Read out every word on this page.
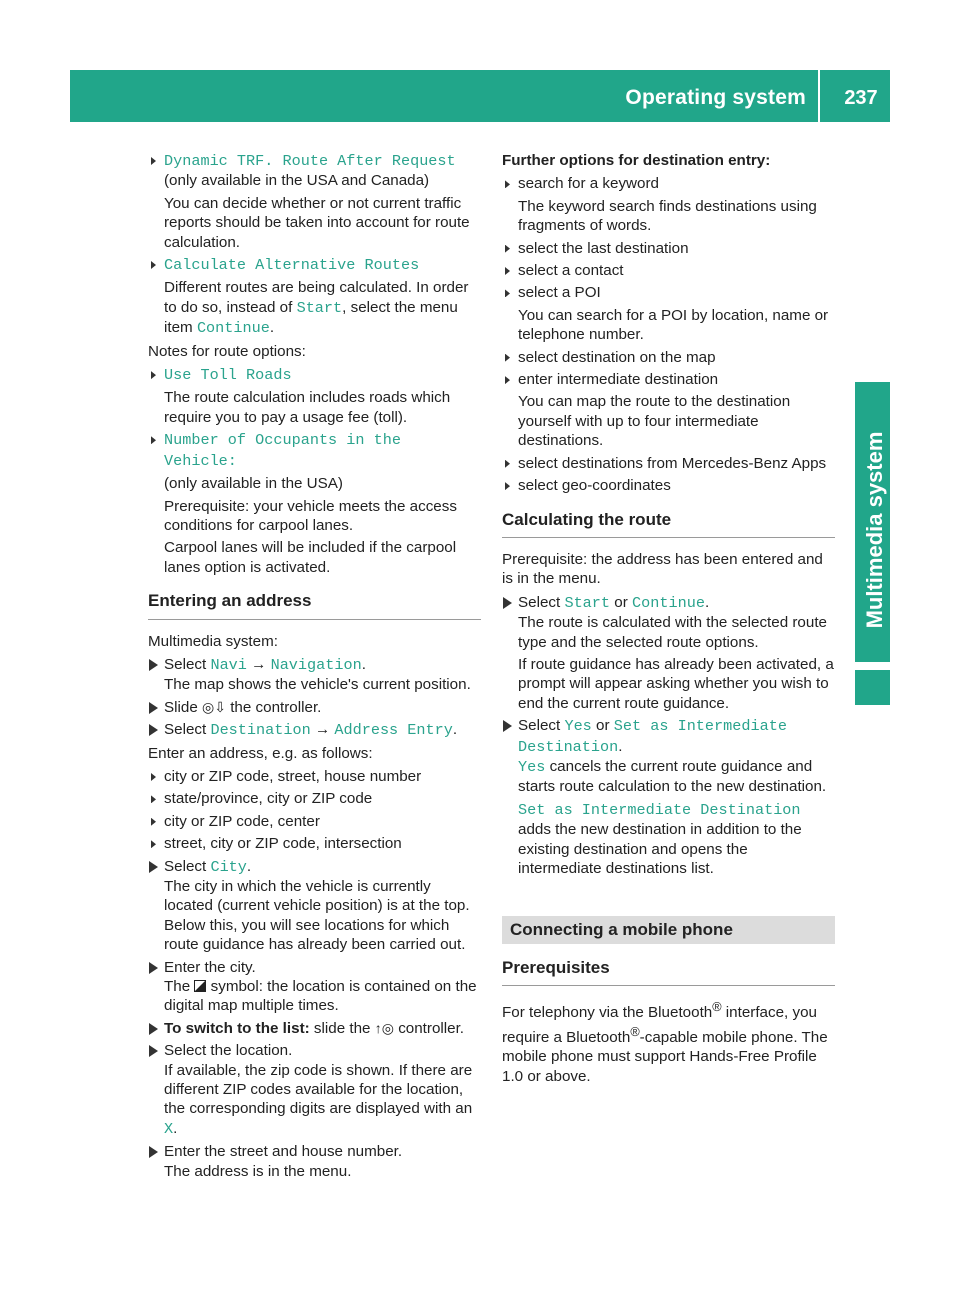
Operating system	237
Multimedia system
Dynamic TRF. Route After Request (only available in the USA and Canada)

You can decide whether or not current traffic reports should be taken into account for route calculation.

Calculate Alternative Routes

Different routes are being calculated. In order to do so, instead of Start, select the menu item Continue.

Notes for route options:

Use Toll Roads

The route calculation includes roads which require you to pay a usage fee (toll).

Number of Occupants in the Vehicle:

(only available in the USA)

Prerequisite: your vehicle meets the access conditions for carpool lanes.

Carpool lanes will be included if the carpool lanes option is activated.

Entering an address

Multimedia system:

Select Navi → Navigation.
The map shows the vehicle's current position.
Slide ◎⇩ the controller.
Select Destination → Address Entry.

Enter an address, e.g. as follows:

city or ZIP code, street, house number
state/province, city or ZIP code
city or ZIP code, center
street, city or ZIP code, intersection
Select City.
The city in which the vehicle is currently located (current vehicle position) is at the top. Below this, you will see locations for which route guidance has already been carried out.
Enter the city.
The symbol: the location is contained on the digital map multiple times.
To switch to the list: slide the ↑◎ controller.
Select the location.
If available, the zip code is shown. If there are different ZIP codes available for the location, the corresponding digits are displayed with an X.
Enter the street and house number.
The address is in the menu.
Further options for destination entry:
search for a keyword

The keyword search finds destinations using fragments of words.

select the last destination
select a contact
select a POI

You can search for a POI by location, name or telephone number.

select destination on the map
enter intermediate destination

You can map the route to the destination yourself with up to four intermediate destinations.

select destinations from Mercedes-Benz Apps
select geo-coordinates
Calculating the route

Prerequisite: the address has been entered and is in the menu.

Select Start or Continue.
The route is calculated with the selected route type and the selected route options.

If route guidance has already been activated, a prompt will appear asking whether you wish to end the current route guidance.

Select Yes or Set as Intermediate Destination.
Yes cancels the current route guidance and starts route calculation to the new destination.

Set as Intermediate Destination adds the new destination in addition to the existing destination and opens the intermediate destinations list.

Connecting a mobile phone
Prerequisites

For telephony via the Bluetooth® interface, you require a Bluetooth®-capable mobile phone. The mobile phone must support Hands-Free Profile 1.0 or above.
